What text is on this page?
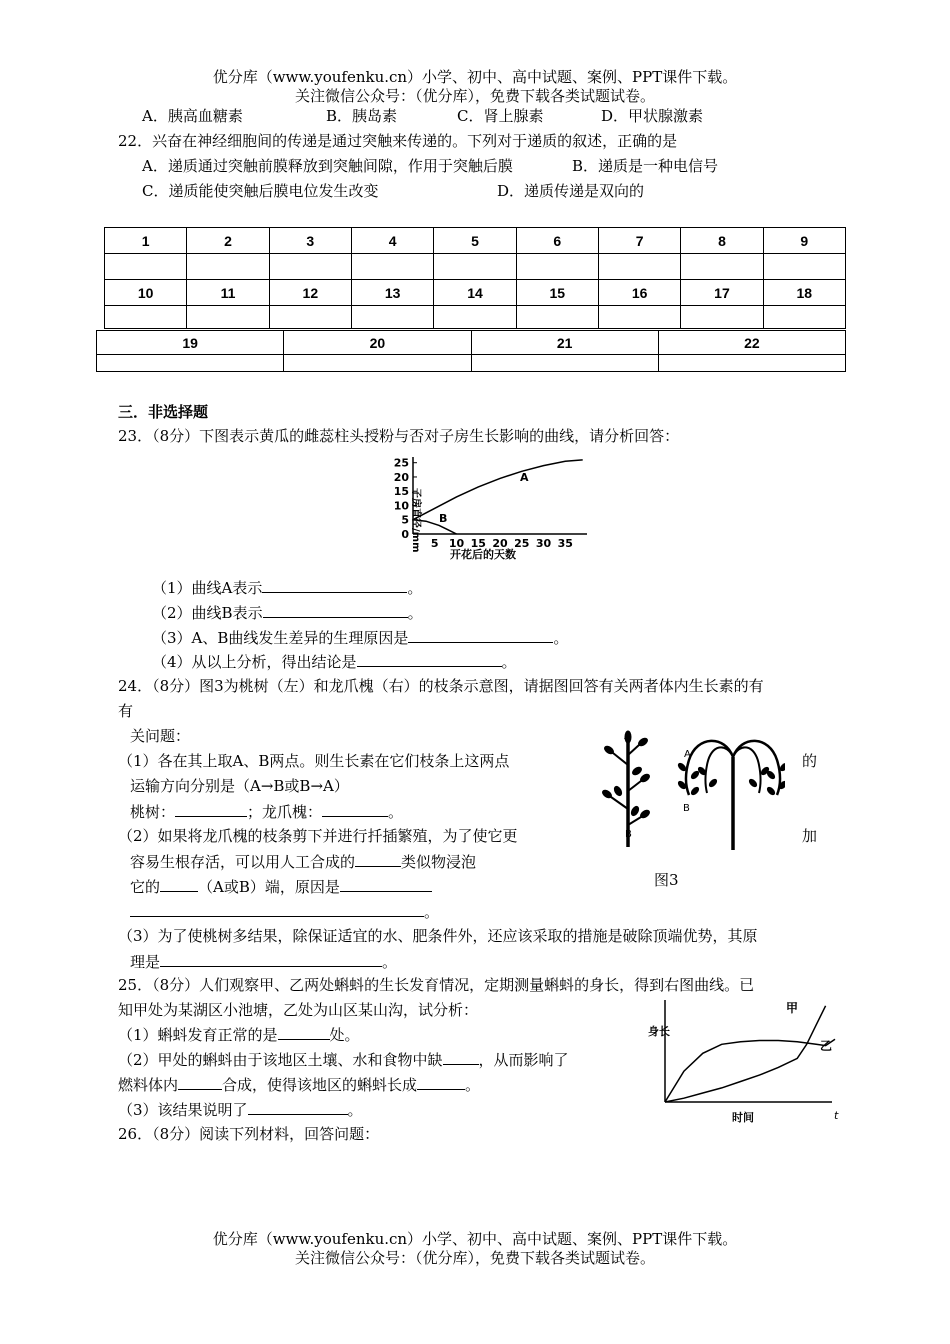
优分库（www.youfenku.cn）小学、初中、高中试题、案例、PPT课件下载。
关注微信公众号：（优分库），免费下载各类试题试卷。
A．胰高血糖素	B．胰岛素	C．肾上腺素	D．甲状腺激素
22．兴奋在神经细胞间的传递是通过突触来传递的。下列对于递质的叙述，正确的是
A．递质通过突触前膜释放到突触间隙，作用于突触后膜	B．递质是一种电信号
C．递质能使突触后膜电位发生改变	D．递质传递是双向的
1	2	3	4	5	6	7	8	9

10	11	12	13	14	15	16	17	18

19	20	21	22

三．非选择题
23．（8分）下图表示黄瓜的雌蕊柱头授粉与否对子房生长影响的曲线，请分析回答：
子房直径/mm
0
5
10
15
20
25
5 10 15 20 25 30 35
A
B
开花后的天数
（1）曲线A表示	。
（2）曲线B表示	。
（3）A、B曲线发生差异的生理原因是	。
（4）从以上分析，得出结论是	。
24．（8分）图3为桃树（左）和龙爪槐（右）的枝条示意图，请据图回答有关两者体内生长素的有
有
关问题：
（1）各在其上取A、B两点。则生长素在它们枝条上这两点	的
运输方向分别是（A→B或B→A）
桃树：	；龙爪槐：	。
（2）如果将龙爪槐的枝条剪下并进行扦插繁殖，为了使它更	加
容易生根存活，可以用人工合成的	类似物浸泡
它的	（A或B）端，原因是
。
（3）为了使桃树多结果，除保证适宜的水、肥条件外，还应该采取的措施是破除顶端优势，其原
理是	。
A
B
A
B
图3
25．（8分）人们观察甲、乙两处蝌蚪的生长发育情况，定期测量蝌蚪的身长，得到右图曲线。已
知甲处为某湖区小池塘，乙处为山区某山沟，试分析：
（1）蝌蚪发育正常的是	处。
（2）甲处的蝌蚪由于该地区土壤、水和食物中缺 ，从而影响了
燃料体内	合成，使得该地区的蝌蚪长成	。
（3）该结果说明了	。
甲
乙
身长
时间	t
26．（8分）阅读下列材料，回答问题：
优分库（www.youfenku.cn）小学、初中、高中试题、案例、PPT课件下载。
关注微信公众号：（优分库），免费下载各类试题试卷。
